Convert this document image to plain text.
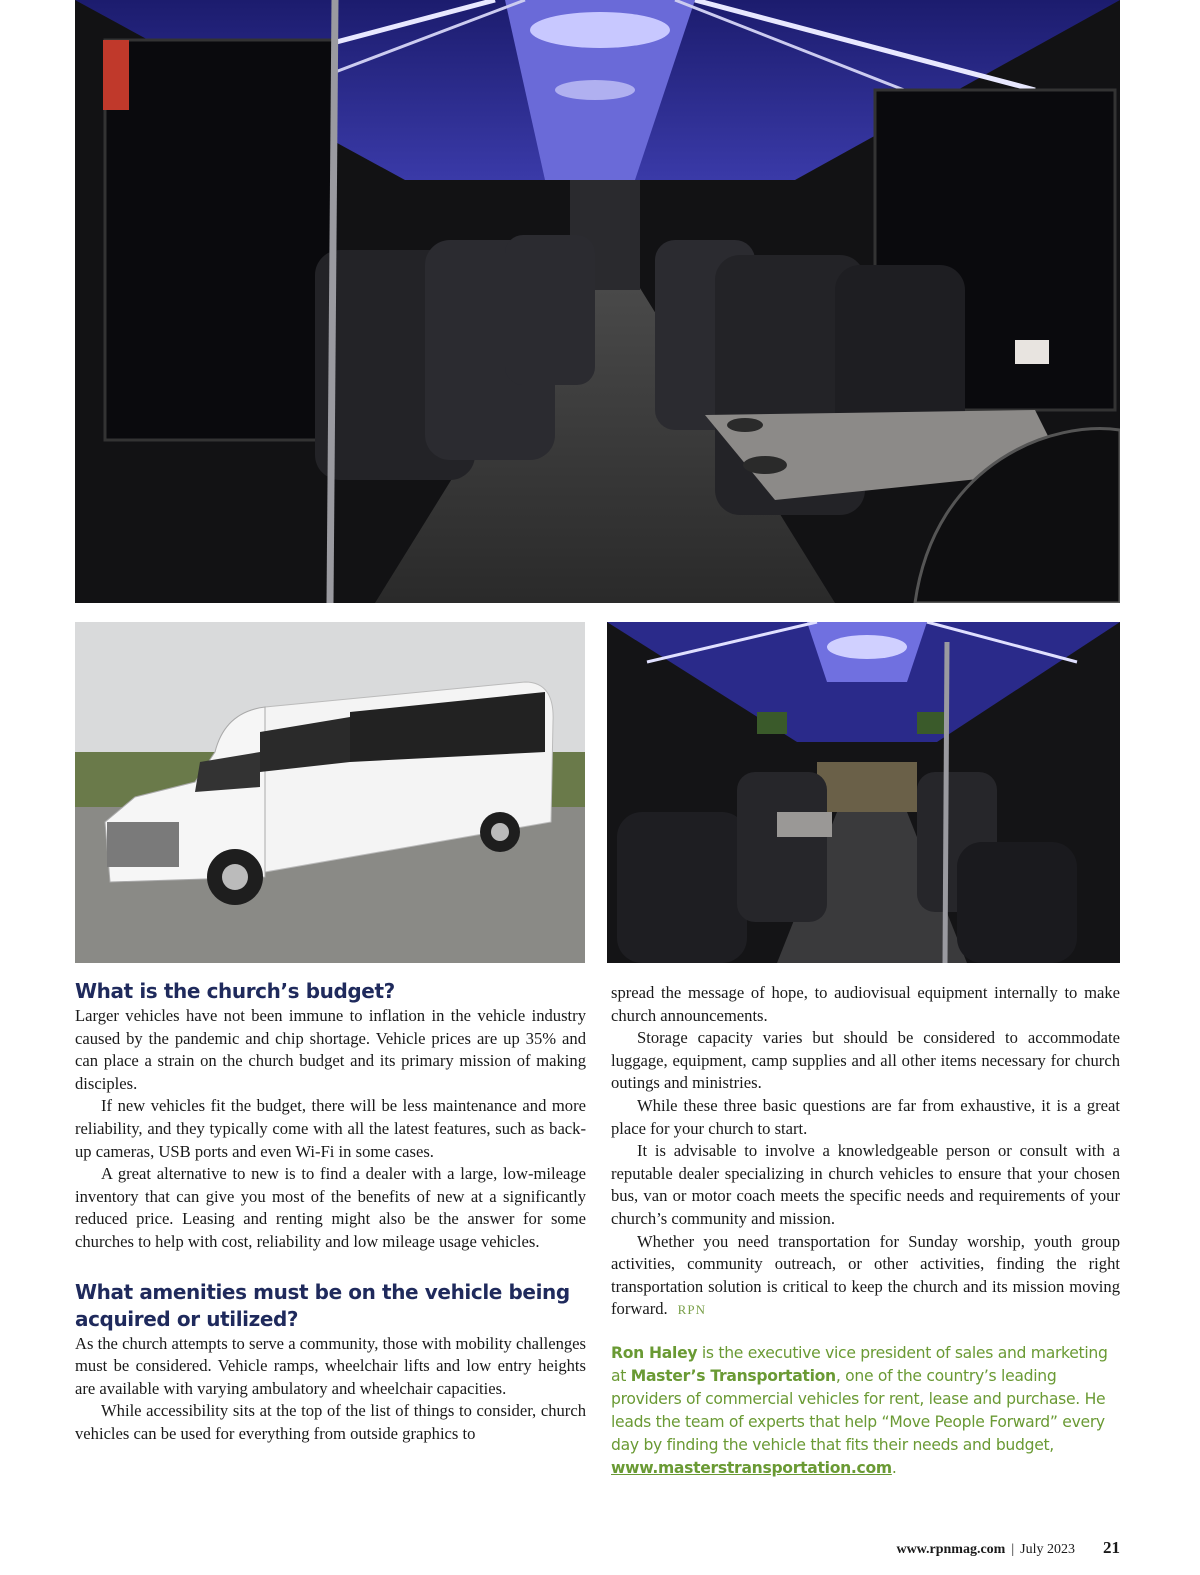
What is the church’s budget?

Larger vehicles have not been immune to inflation in the vehicle industry caused by the pandemic and chip shortage. Vehicle prices are up 35% and can place a strain on the church budget and its primary mission of making disciples.

If new vehicles fit the budget, there will be less maintenance and more reliability, and they typically come with all the latest features, such as back-up cameras, USB ports and even Wi-Fi in some cases.

A great alternative to new is to find a dealer with a large, low-mileage inventory that can give you most of the benefits of new at a significantly reduced price. Leasing and renting might also be the answer for some churches to help with cost, reliability and low mileage usage vehicles.

What amenities must be on the vehicle being acquired or utilized?

As the church attempts to serve a community, those with mobility challenges must be considered. Vehicle ramps, wheelchair lifts and low entry heights are available with varying ambulatory and wheelchair capacities.

While accessibility sits at the top of the list of things to consider, church vehicles can be used for everything from outside graphics to

spread the message of hope, to audiovisual equipment internally to make church announcements.

Storage capacity varies but should be considered to accommodate luggage, equipment, camp supplies and all other items necessary for church outings and ministries.

While these three basic questions are far from exhaustive, it is a great place for your church to start.

It is advisable to involve a knowledgeable person or consult with a reputable dealer specializing in church vehicles to ensure that your chosen bus, van or motor coach meets the specific needs and requirements of your church’s community and mission.

Whether you need transportation for Sunday worship, youth group activities, community outreach, or other activities, finding the right transportation solution is critical to keep the church and its mission moving forward. RPN

Ron Haley is the executive vice president of sales and marketing at Master’s Transportation, one of the country’s leading providers of commercial vehicles for rent, lease and purchase. He leads the team of experts that help “Move People Forward” every day by finding the vehicle that fits their needs and budget, www.masterstransportation.com.
www.rpnmag.com | July 2023 21
